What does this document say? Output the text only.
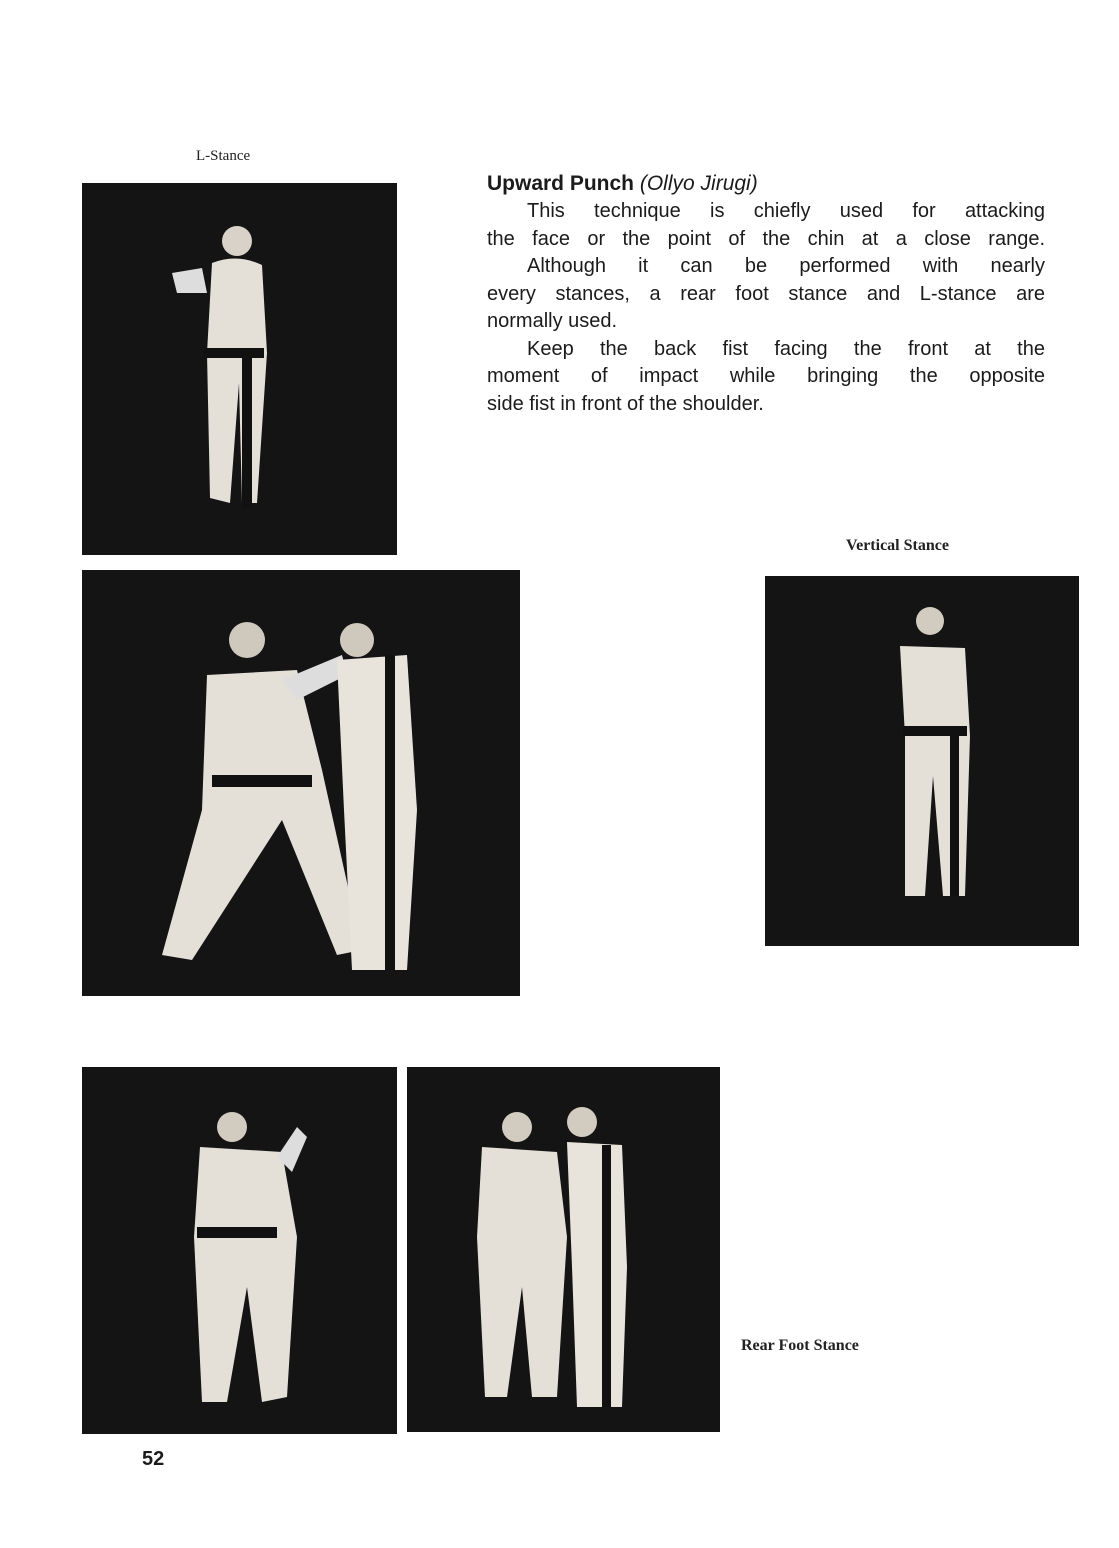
L-Stance
Upward Punch (Ollyo Jirugi)
This technique is chiefly used for attacking
the face or the point of the chin at a close range.
Although it can be performed with nearly
every stances, a rear foot stance and L-stance are
normally used.
Keep the back fist facing the front at the
moment of impact while bringing the opposite
side fist in front of the shoulder.
Vertical Stance
Rear Foot Stance
52
